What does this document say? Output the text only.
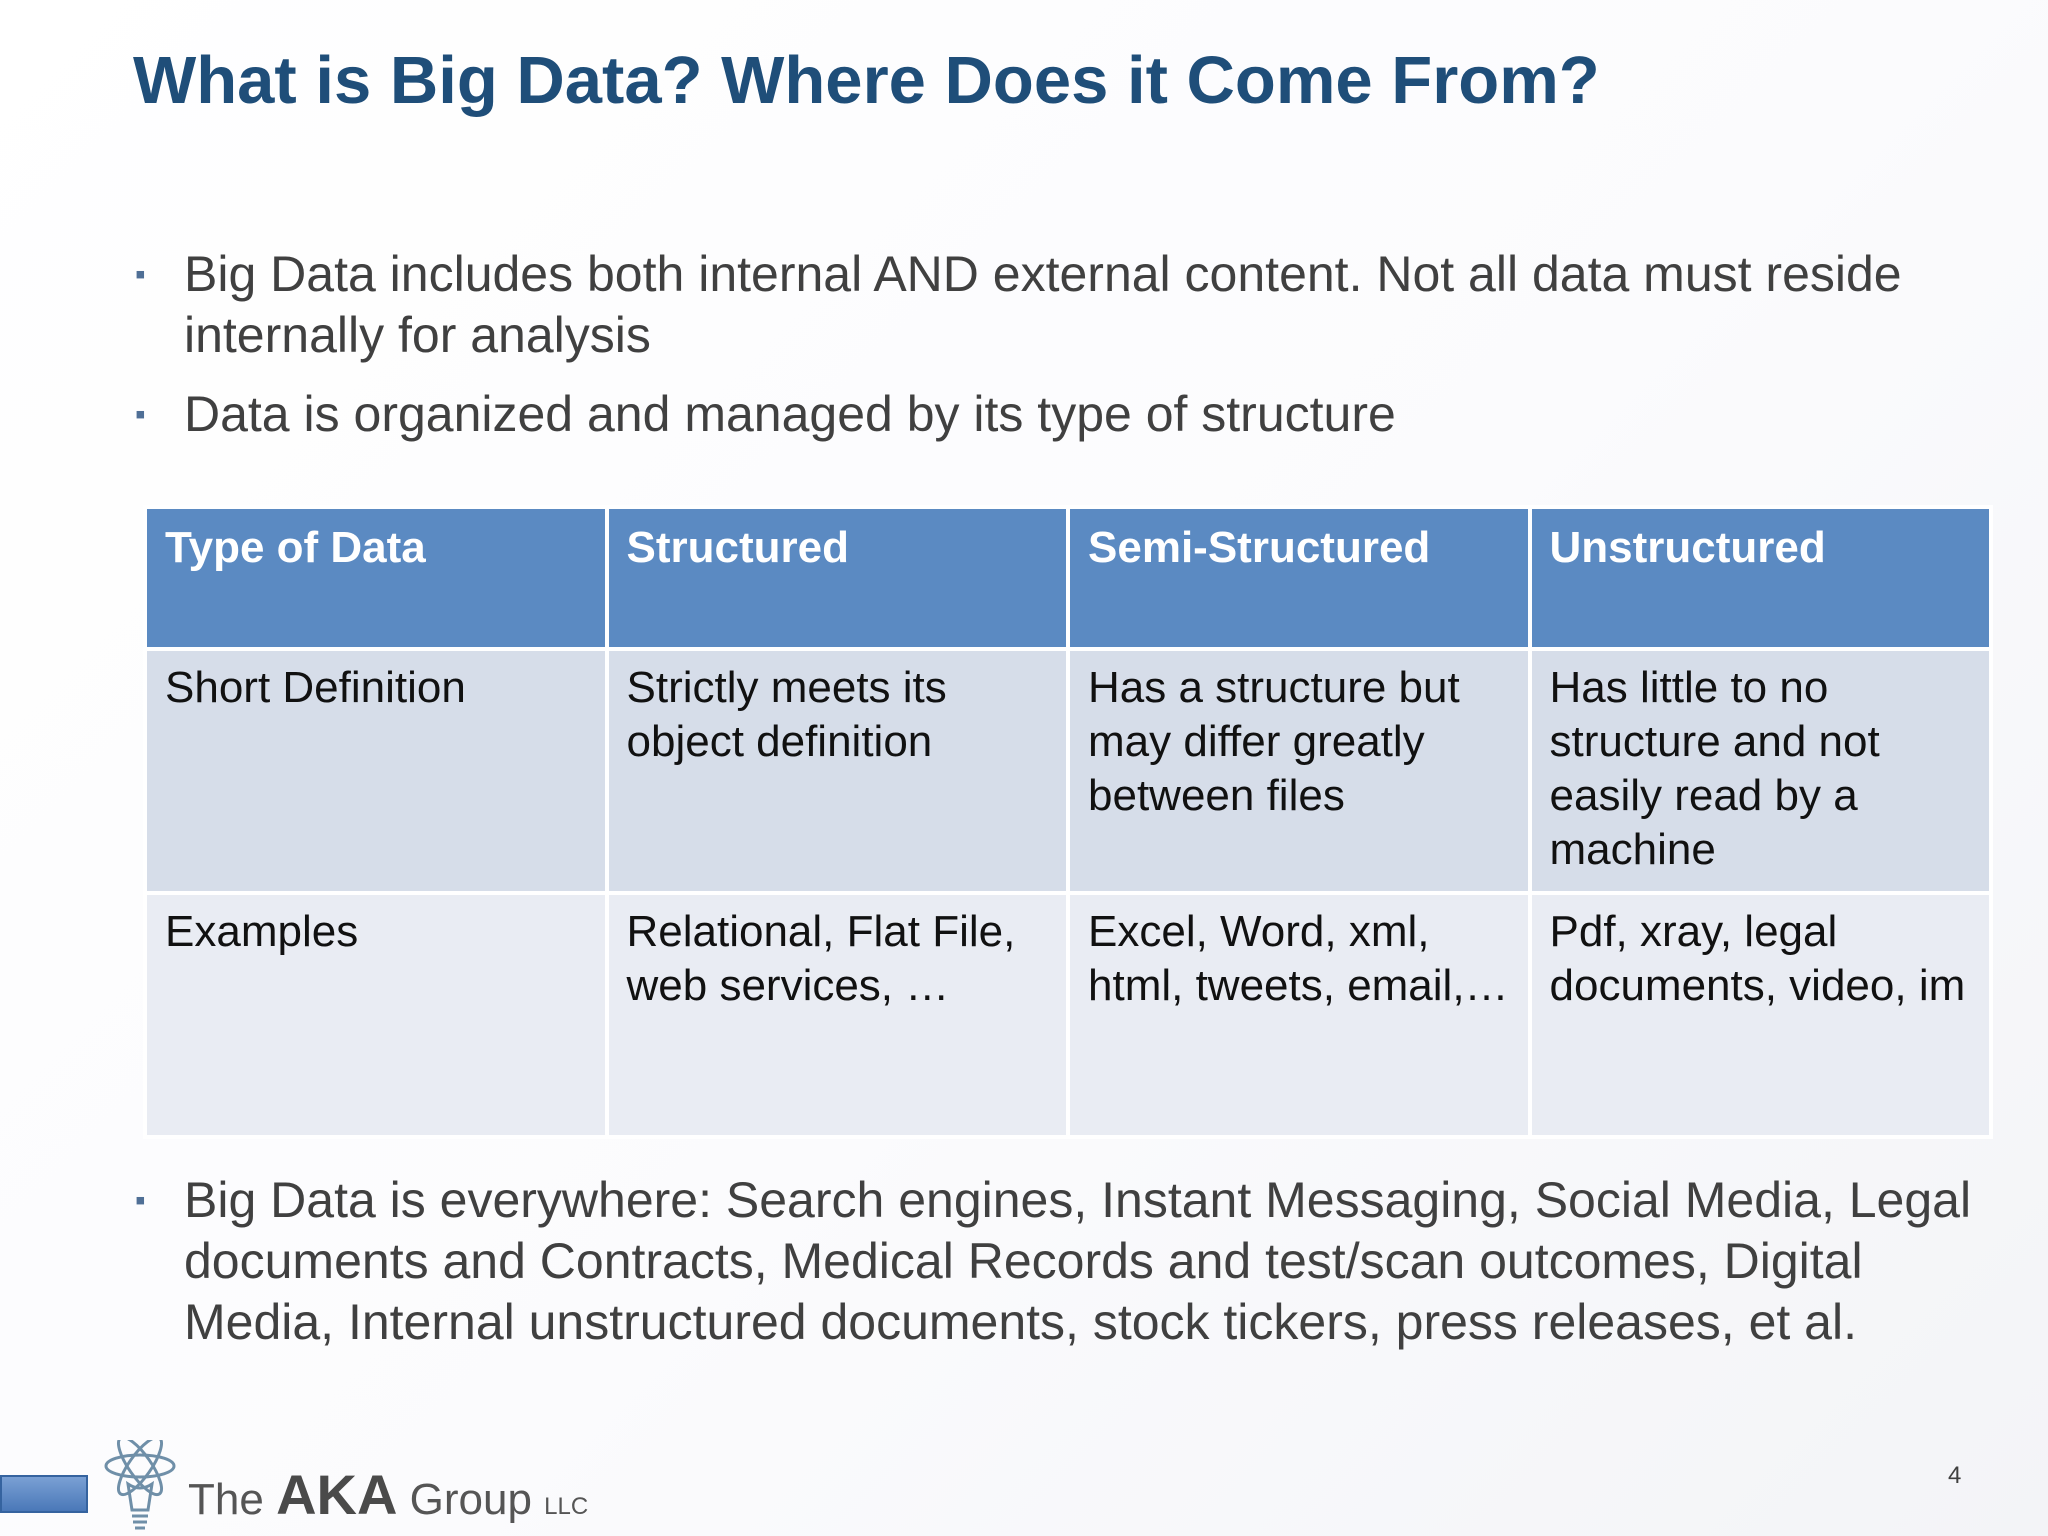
What is Big Data? Where Does it Come From?
▪ Big Data includes both internal AND external content. Not all data must reside internally for analysis
▪ Data is organized and managed by its type of structure
Type of Data	Structured	Semi-Structured	Unstructured
Short Definition	Strictly meets its object definition	Has a structure but may differ greatly between files	Has little to no structure and not easily read by a machine
Examples	Relational, Flat File, web services, …	Excel, Word, xml, html, tweets, email,…	Pdf, xray, legal documents, video, im
▪ Big Data is everywhere: Search engines, Instant Messaging, Social Media, Legal documents and Contracts, Medical Records and test/scan outcomes, Digital Media, Internal unstructured documents, stock tickers, press releases, et al.
The AKA Group LLC
4
